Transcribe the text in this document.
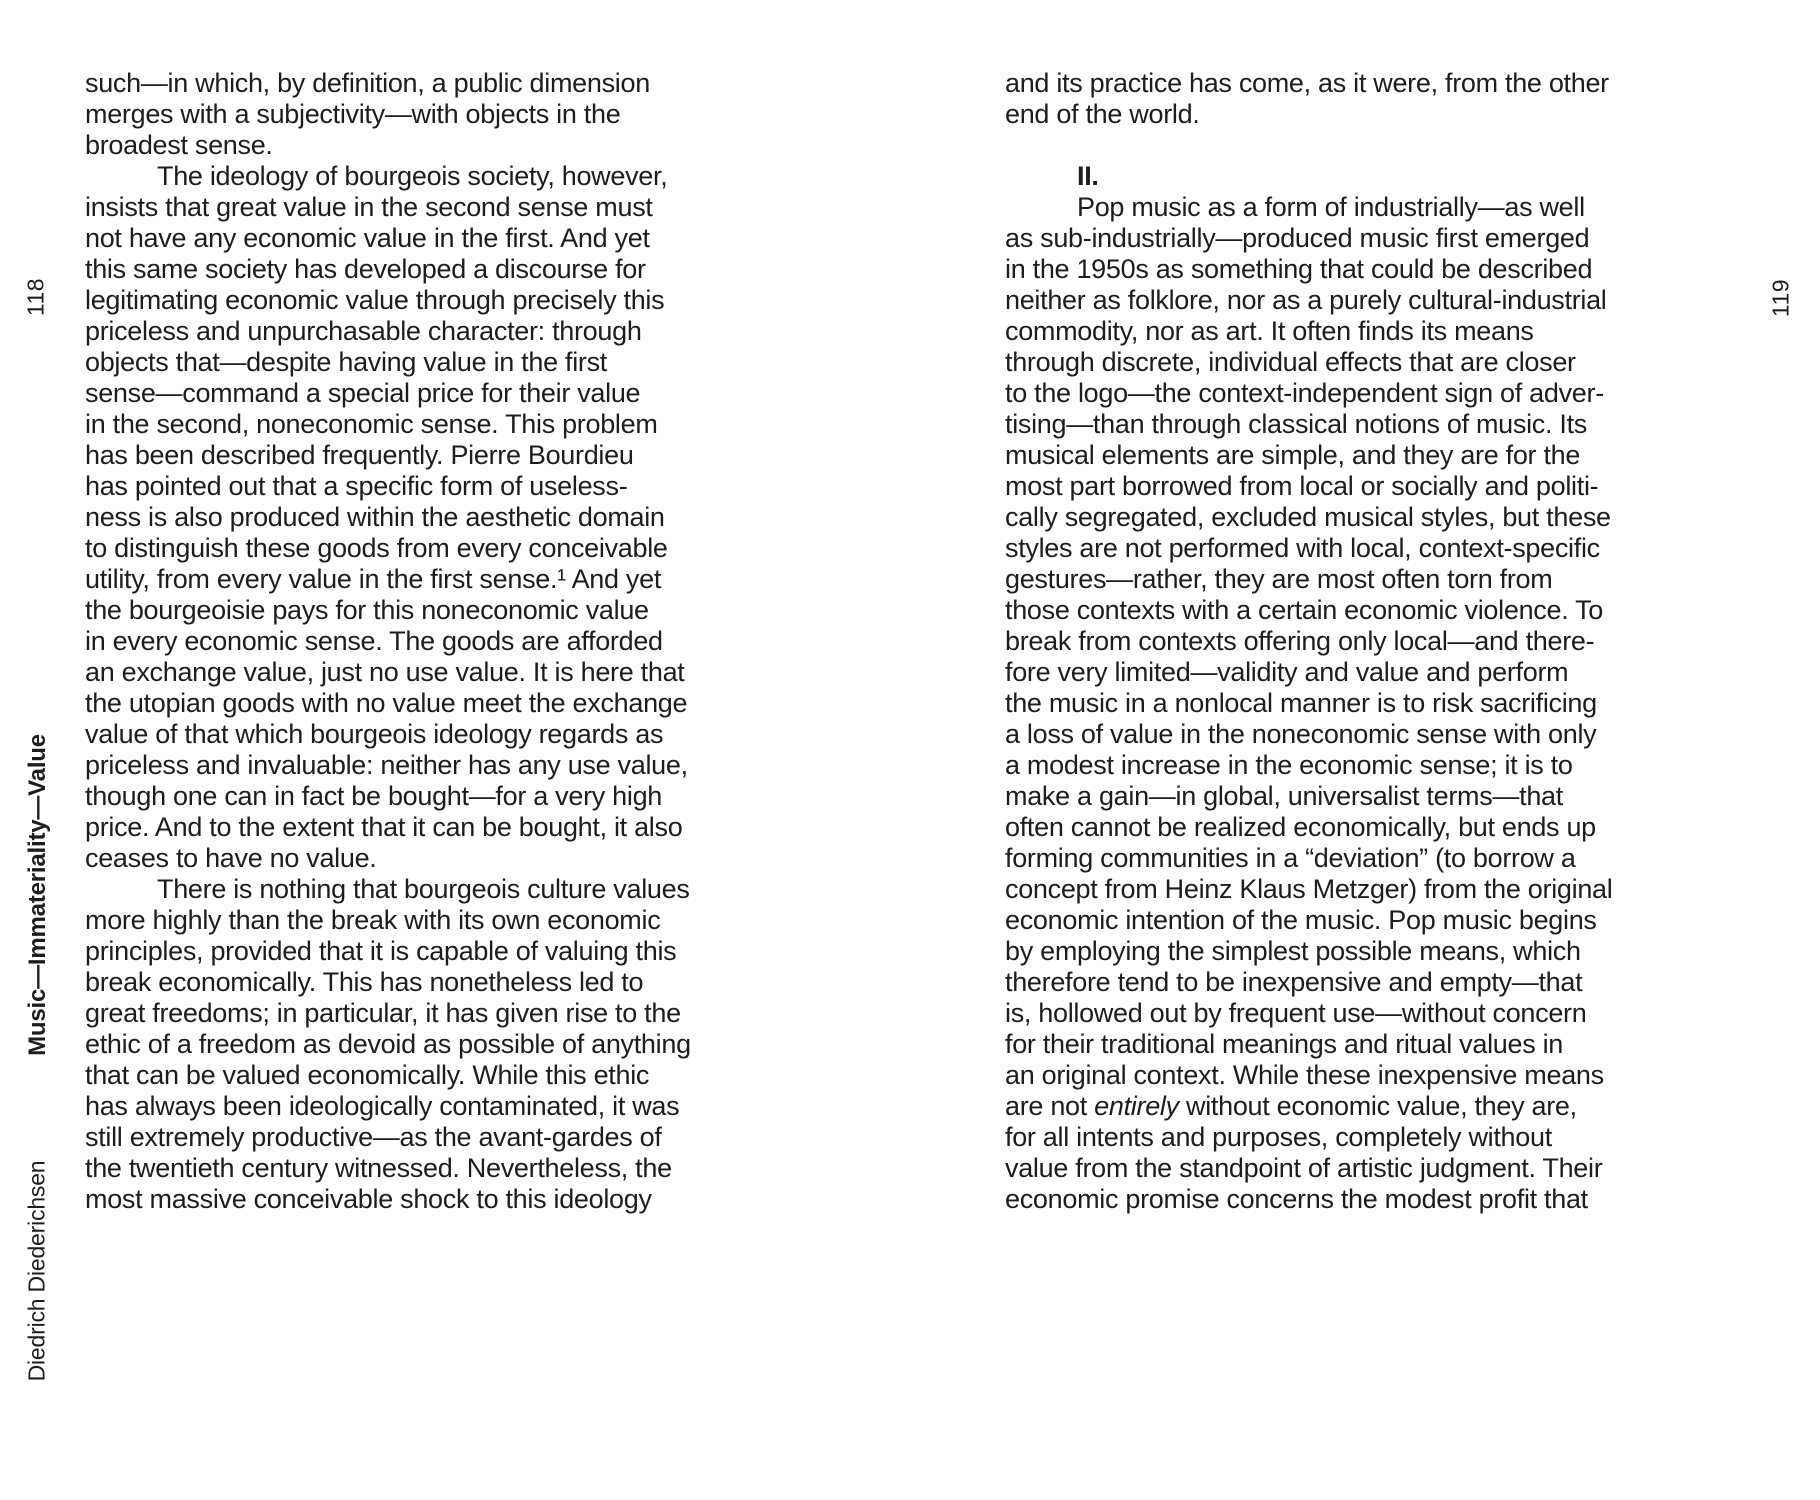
118
Music—Immateriality—Value
Diedrich Diederichsen
119
such—in which, by definition, a public dimension
merges with a subjectivity—with objects in the
broadest sense.
The ideology of bourgeois society, however,
insists that great value in the second sense must
not have any economic value in the first. And yet
this same society has developed a discourse for
legitimating economic value through precisely this
priceless and unpurchasable character: through
objects that—despite having value in the first
sense—command a special price for their value
in the second, noneconomic sense. This problem
has been described frequently. Pierre Bourdieu
has pointed out that a specific form of useless-
ness is also produced within the aesthetic domain
to distinguish these goods from every conceivable
utility, from every value in the first sense.¹ And yet
the bourgeoisie pays for this noneconomic value
in every economic sense. The goods are afforded
an exchange value, just no use value. It is here that
the utopian goods with no value meet the exchange
value of that which bourgeois ideology regards as
priceless and invaluable: neither has any use value,
though one can in fact be bought—for a very high
price. And to the extent that it can be bought, it also
ceases to have no value.
There is nothing that bourgeois culture values
more highly than the break with its own economic
principles, provided that it is capable of valuing this
break economically. This has nonetheless led to
great freedoms; in particular, it has given rise to the
ethic of a freedom as devoid as possible of anything
that can be valued economically. While this ethic
has always been ideologically contaminated, it was
still extremely productive—as the avant-gardes of
the twentieth century witnessed. Nevertheless, the
most massive conceivable shock to this ideology
and its practice has come, as it were, from the other
end of the world.

II.
Pop music as a form of industrially—as well
as sub-industrially—produced music first emerged
in the 1950s as something that could be described
neither as folklore, nor as a purely cultural-industrial
commodity, nor as art. It often finds its means
through discrete, individual effects that are closer
to the logo—the context-independent sign of adver-
tising—than through classical notions of music. Its
musical elements are simple, and they are for the
most part borrowed from local or socially and politi-
cally segregated, excluded musical styles, but these
styles are not performed with local, context-specific
gestures—rather, they are most often torn from
those contexts with a certain economic violence. To
break from contexts offering only local—and there-
fore very limited—validity and value and perform
the music in a nonlocal manner is to risk sacrificing
a loss of value in the noneconomic sense with only
a modest increase in the economic sense; it is to
make a gain—in global, universalist terms—that
often cannot be realized economically, but ends up
forming communities in a “deviation” (to borrow a
concept from Heinz Klaus Metzger) from the original
economic intention of the music. Pop music begins
by employing the simplest possible means, which
therefore tend to be inexpensive and empty—that
is, hollowed out by frequent use—without concern
for their traditional meanings and ritual values in
an original context. While these inexpensive means
are not entirely without economic value, they are,
for all intents and purposes, completely without
value from the standpoint of artistic judgment. Their
economic promise concerns the modest profit that
